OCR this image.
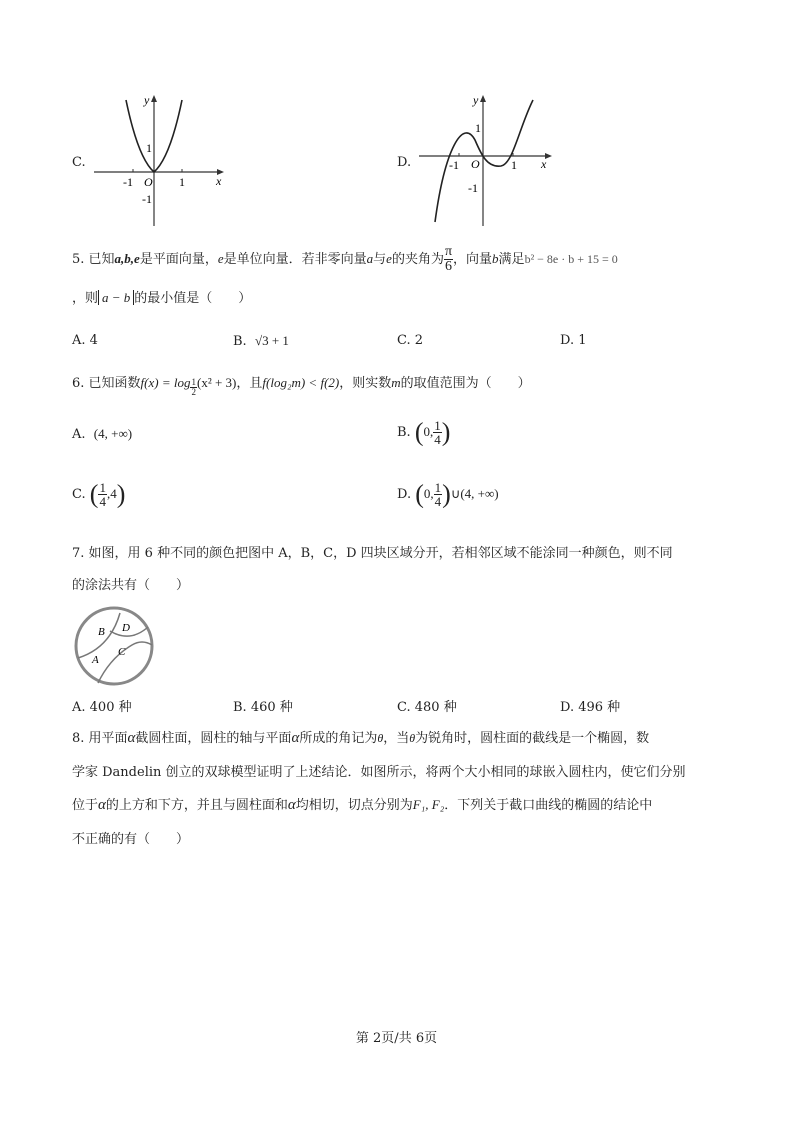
C.
y
x
O
-1	1
1
-1
D.
y
x
O
-1	1
1
-1
5. 已知a,b,e是平面向量，e是单位向量．若非零向量a与e的夹角为 $\frac{\pi}{6}$ ，向量b满足b² − 8e · b + 15 = 0
，则 a − b 的最小值是（　　）
A. 4	B. √3 + 1	C. 2	D. 1
6. 已知函数$f(x) = \log \frac{1}{2} (x^2 + 3)$，且f(log₂m) < f(2)，则实数m的取值范围为（　　）
A. (4, +∞)	B. (0, $\frac{1}{4}$ )
C. ( $\frac{1}{4} ,4$)	D. (0, $\frac{1}{4}$ )∪(4, +∞)
7. 如图，用 6 种不同的颜色把图中 A，B，C，D 四块区域分开，若相邻区域不能涂同一种颜色，则不同
的涂法共有（　　）
B D
A
C
A. 400 种	B. 460 种	C. 480 种	D. 496 种
8. 用平面α截圆柱面，圆柱的轴与平面α所成的角记为θ，当θ为锐角时，圆柱面的截线是一个椭圆，数
学家 Dandelin 创立的双球模型证明了上述结论．如图所示，将两个大小相同的球嵌入圆柱内，使它们分别
位于α的上方和下方，并且与圆柱面和α均相切，切点分别为F₁, F₂．下列关于截口曲线的椭圆的结论中
不正确的有（　　）
第 2页/共 6页
